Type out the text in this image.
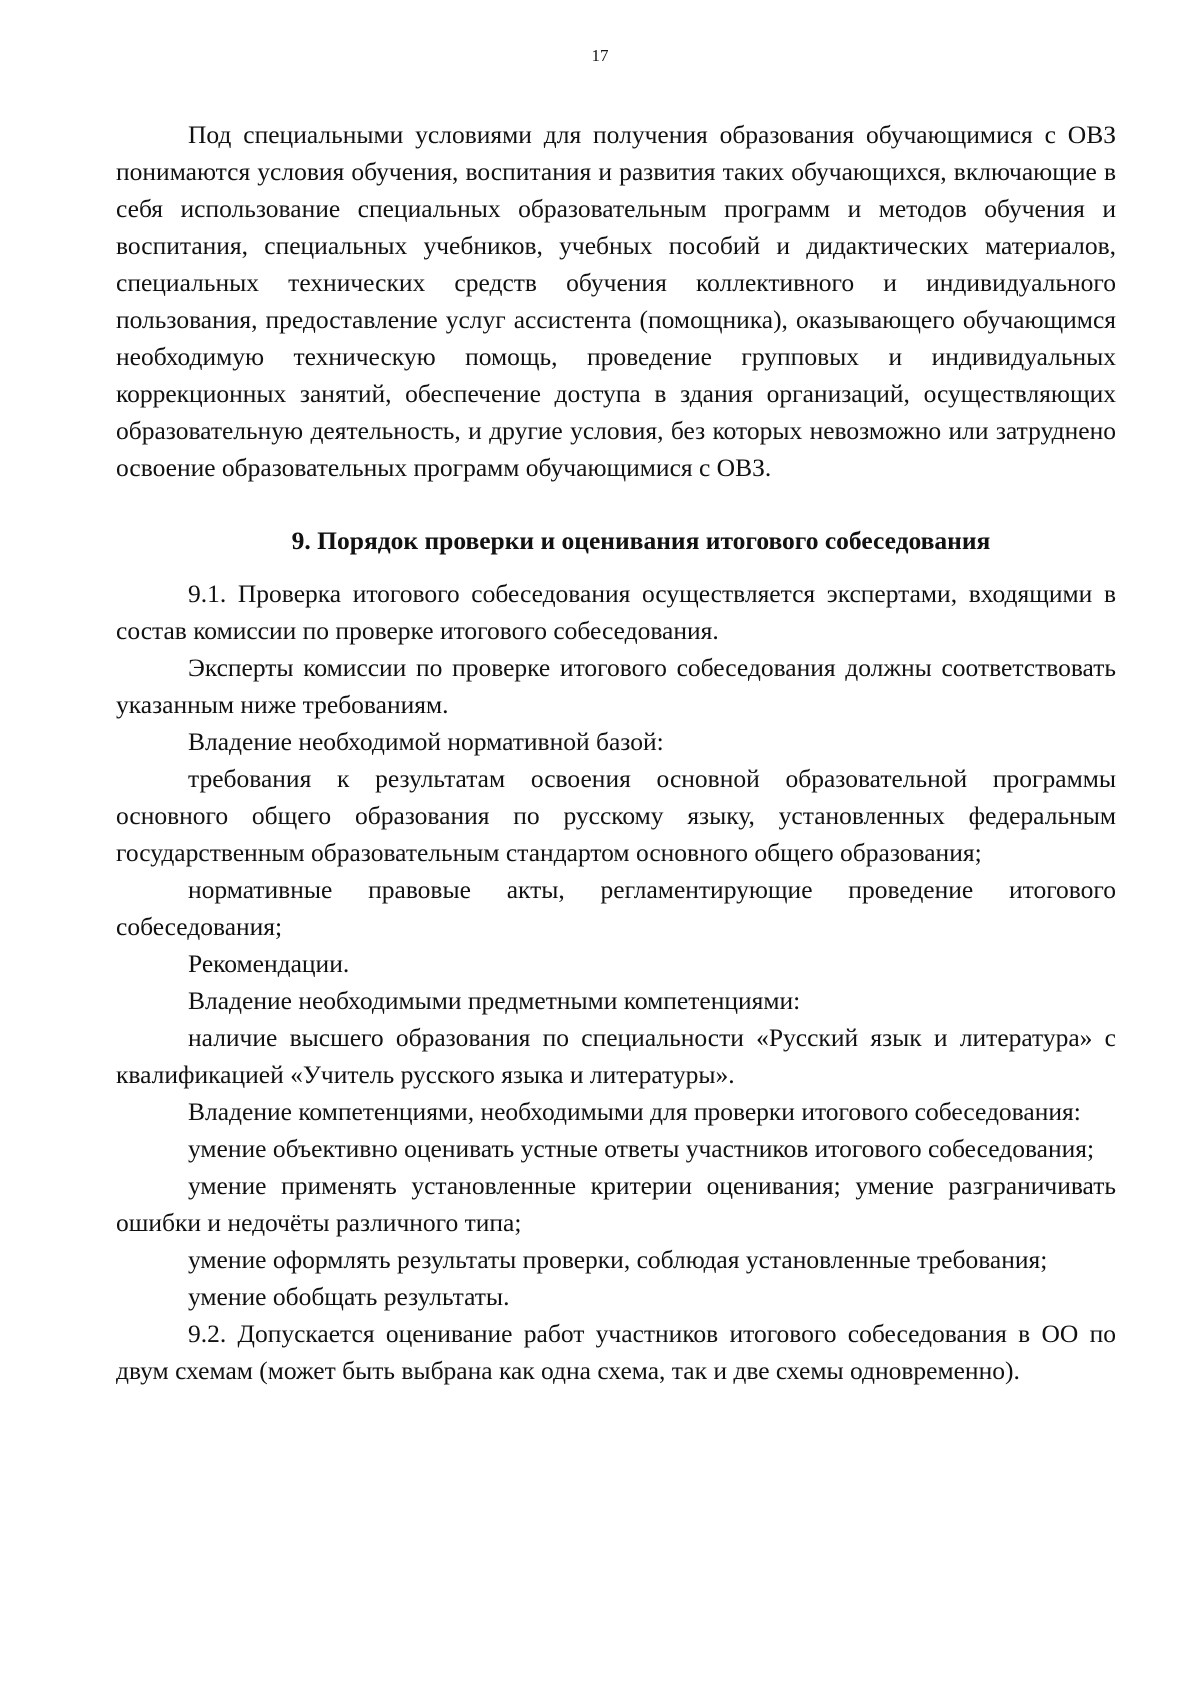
17

Под специальными условиями для получения образования обучающимися с ОВЗ понимаются условия обучения, воспитания и развития таких обучающихся, включающие в себя использование специальных образовательным программ и методов обучения и воспитания, специальных учебников, учебных пособий и дидактических материалов, специальных технических средств обучения коллективного и индивидуального пользования, предоставление услуг ассистента (помощника), оказывающего обучающимся необходимую техническую помощь, проведение групповых и индивидуальных коррекционных занятий, обеспечение доступа в здания организаций, осуществляющих образовательную деятельность, и другие условия, без которых невозможно или затруднено освоение образовательных программ обучающимися с ОВЗ.

9. Порядок проверки и оценивания итогового собеседования

9.1. Проверка итогового собеседования осуществляется экспертами, входящими в состав комиссии по проверке итогового собеседования.

Эксперты комиссии по проверке итогового собеседования должны соответствовать указанным ниже требованиям.

Владение необходимой нормативной базой:

требования к результатам освоения основной образовательной программы основного общего образования по русскому языку, установленных федеральным государственным образовательным стандартом основного общего образования;

нормативные правовые акты, регламентирующие проведение итогового собеседования;

Рекомендации.

Владение необходимыми предметными компетенциями:

наличие высшего образования по специальности «Русский язык и литература» с квалификацией «Учитель русского языка и литературы».

Владение компетенциями, необходимыми для проверки итогового собеседования:

умение объективно оценивать устные ответы участников итогового собеседования;

умение применять установленные критерии оценивания; умение разграничивать ошибки и недочёты различного типа;

умение оформлять результаты проверки, соблюдая установленные требования;

умение обобщать результаты.

9.2. Допускается оценивание работ участников итогового собеседования в ОО по двум схемам (может быть выбрана как одна схема, так и две схемы одновременно).
